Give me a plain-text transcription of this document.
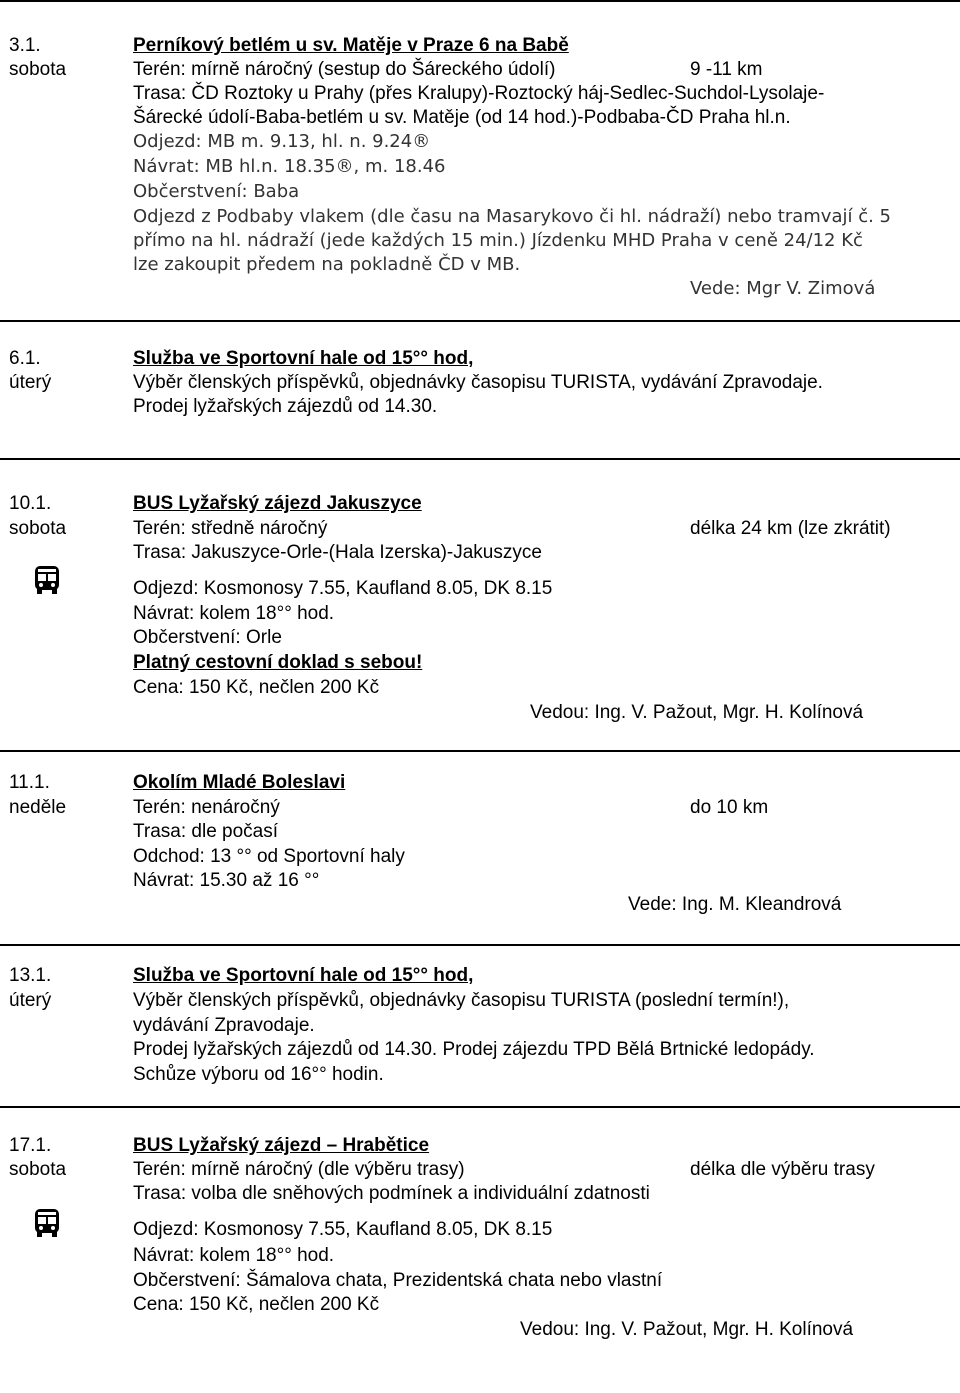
3.1.
sobota
Perníkový betlém u sv. Matěje v Praze 6 na Babě
Terén: mírně náročný (sestup do Šáreckého údolí)	9 -11 km
Trasa: ČD Roztoky u Prahy (přes Kralupy)-Roztocký háj-Sedlec-Suchdol-Lysolaje-
Šárecké údolí-Baba-betlém u sv. Matěje (od 14 hod.)-Podbaba-ČD Praha hl.n.
Odjezd: MB m. 9.13, hl. n. 9.24®
Návrat: MB hl.n. 18.35®, m. 18.46
Občerstvení: Baba
Odjezd z Podbaby vlakem (dle času na Masarykovo či hl. nádraží) nebo tramvají č. 5
přímo na hl. nádraží (jede každých 15 min.) Jízdenku MHD Praha v ceně 24/12 Kč
lze zakoupit předem na pokladně ČD v MB.
Vede: Mgr V. Zimová
6.1.
úterý
Služba ve Sportovní hale od 15°° hod,
Výběr členských příspěvků, objednávky časopisu TURISTA, vydávání Zpravodaje.
Prodej lyžařských zájezdů od 14.30.
10.1.
sobota
BUS Lyžařský zájezd Jakuszyce
Terén: středně náročný	délka 24 km (lze zkrátit)
Trasa: Jakuszyce-Orle-(Hala Izerska)-Jakuszyce
Odjezd: Kosmonosy 7.55, Kaufland 8.05, DK 8.15
Návrat: kolem 18°° hod.
Občerstvení: Orle
Platný cestovní doklad s sebou!
Cena: 150 Kč, nečlen 200 Kč
Vedou: Ing. V. Pažout, Mgr. H. Kolínová
11.1.
neděle
Okolím Mladé Boleslavi
Terén: nenáročný	do 10 km
Trasa: dle počasí
Odchod: 13 °° od Sportovní haly
Návrat: 15.30 až 16 °°
Vede: Ing. M. Kleandrová
13.1.
úterý
Služba ve Sportovní hale od 15°° hod,
Výběr členských příspěvků, objednávky časopisu TURISTA (poslední termín!),
vydávání Zpravodaje.
Prodej lyžařských zájezdů od 14.30. Prodej zájezdu TPD Bělá Brtnické ledopády.
Schůze výboru od 16°° hodin.
17.1.
sobota
BUS Lyžařský zájezd – Hrabětice
Terén: mírně náročný (dle výběru trasy)	délka dle výběru trasy
Trasa: volba dle sněhových podmínek a individuální zdatnosti
Odjezd: Kosmonosy 7.55, Kaufland 8.05, DK 8.15
Návrat: kolem 18°° hod.
Občerstvení: Šámalova chata, Prezidentská chata nebo vlastní
Cena: 150 Kč, nečlen 200 Kč
Vedou: Ing. V. Pažout, Mgr. H. Kolínová
